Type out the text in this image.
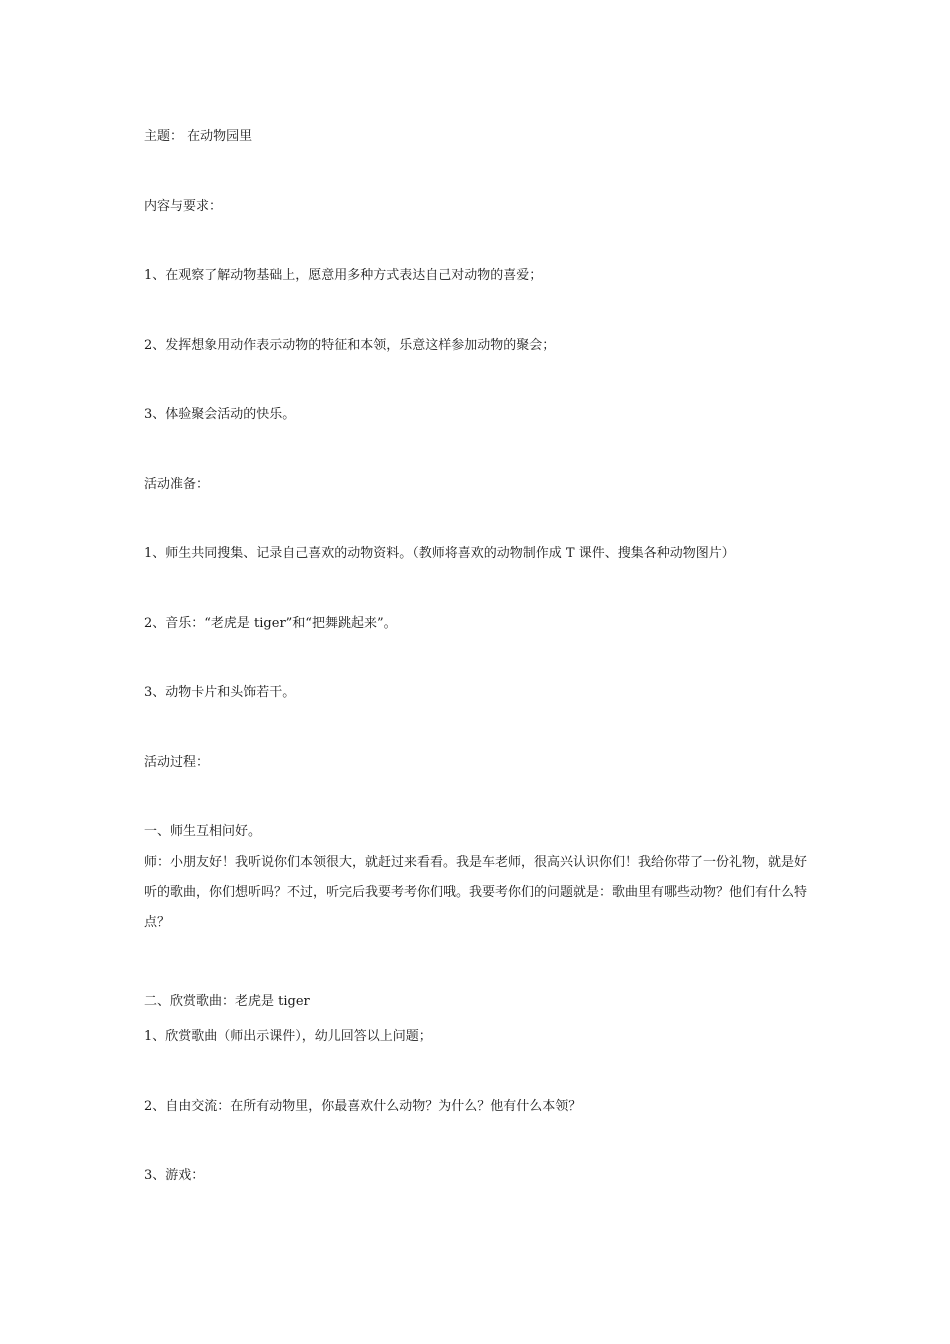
主题： 在动物园里
内容与要求：
1、在观察了解动物基础上，愿意用多种方式表达自己对动物的喜爱；
2、发挥想象用动作表示动物的特征和本领，乐意这样参加动物的聚会；
3、体验聚会活动的快乐。
活动准备：
1、师生共同搜集、记录自己喜欢的动物资料。（教师将喜欢的动物制作成 T 课件、搜集各种动物图片）
2、音乐：“老虎是 tiger”和“把舞跳起来”。
3、动物卡片和头饰若干。
活动过程：
一、师生互相问好。
师：小朋友好！我听说你们本领很大，就赶过来看看。我是车老师，很高兴认识你们！我给你带了一份礼物，就是好听的歌曲，你们想听吗？不过，听完后我要考考你们哦。我要考你们的问题就是：歌曲里有哪些动物？他们有什么特点？
二、欣赏歌曲：老虎是 tiger
1、欣赏歌曲（师出示课件），幼儿回答以上问题；
2、自由交流：在所有动物里，你最喜欢什么动物？为什么？他有什么本领？
3、游戏：
